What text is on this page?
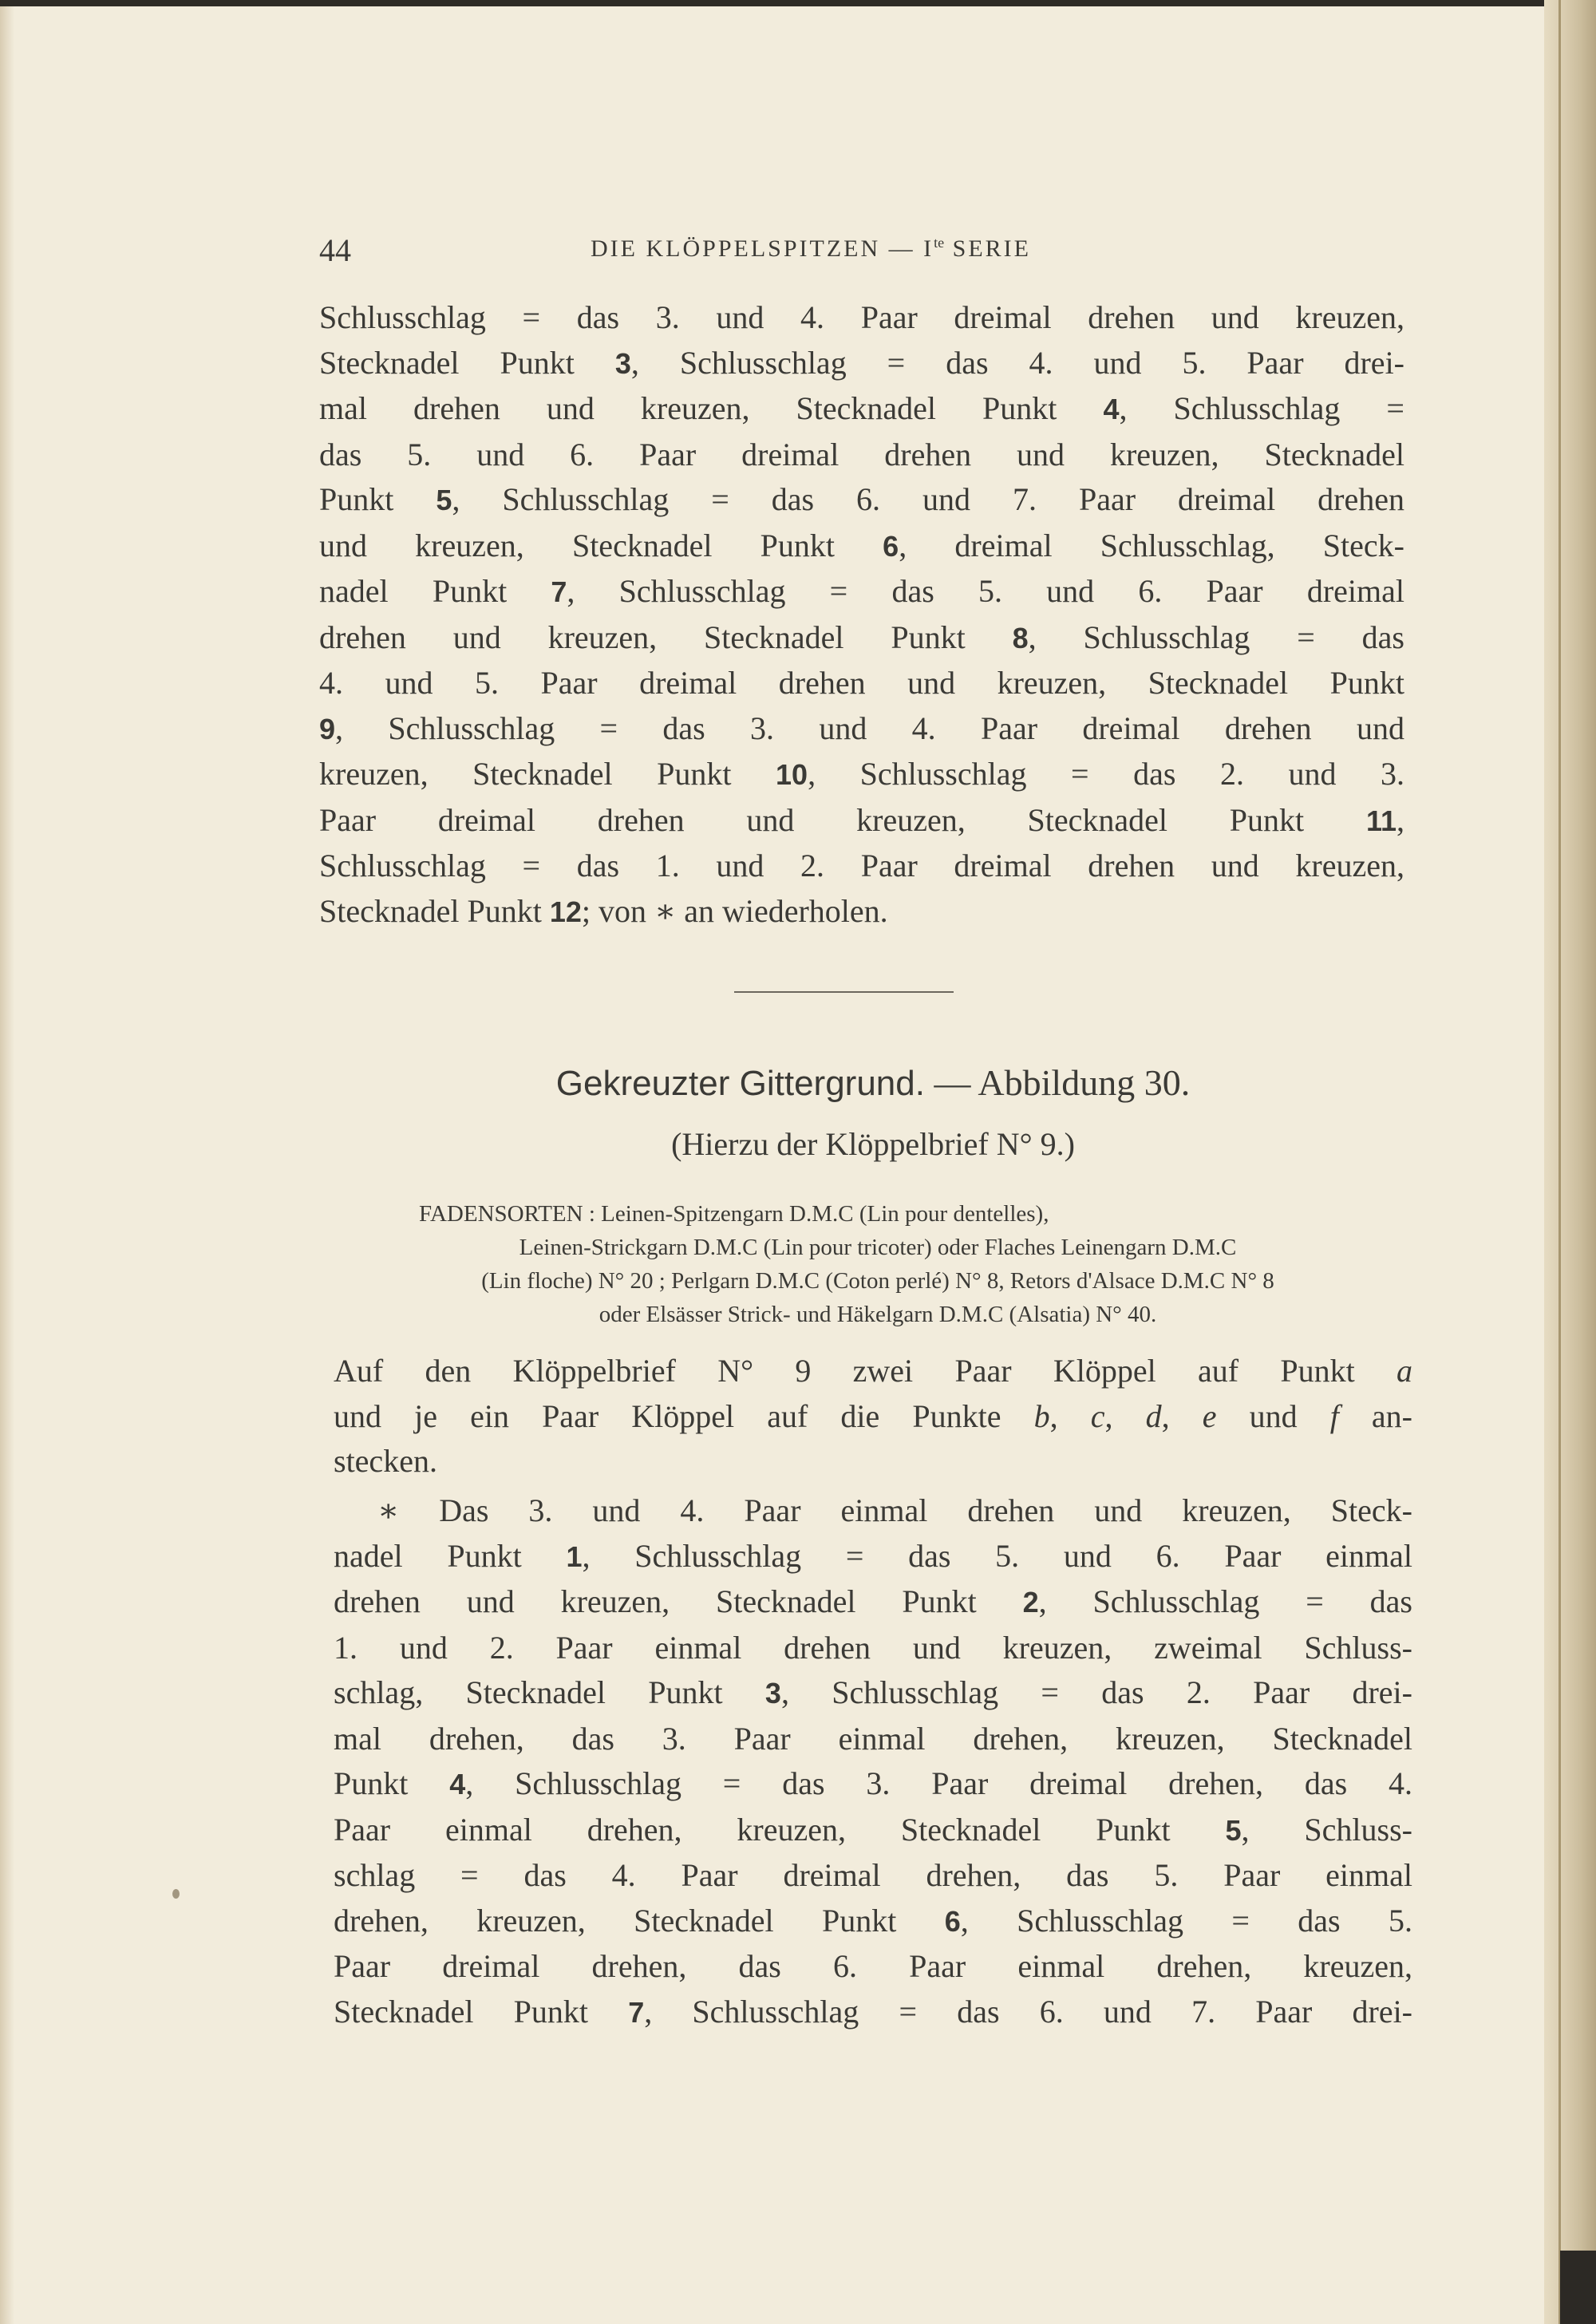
44	DIE KLÖPPELSPITZEN — $I^{te}$ SERIE
Schlusschlag = das 3. und 4. Paar dreimal drehen und kreuzen,
Stecknadel Punkt 3, Schlusschlag = das 4. und 5. Paar drei-
mal drehen und kreuzen, Stecknadel Punkt 4, Schlusschlag =
das 5. und 6. Paar dreimal drehen und kreuzen, Stecknadel
Punkt 5, Schlusschlag = das 6. und 7. Paar dreimal drehen
und kreuzen, Stecknadel Punkt 6, dreimal Schlusschlag, Steck-
nadel Punkt 7, Schlusschlag = das 5. und 6. Paar dreimal
drehen und kreuzen, Stecknadel Punkt 8, Schlusschlag = das
4. und 5. Paar dreimal drehen und kreuzen, Stecknadel Punkt
9, Schlusschlag = das 3. und 4. Paar dreimal drehen und
kreuzen, Stecknadel Punkt 10, Schlusschlag = das 2. und 3.
Paar dreimal drehen und kreuzen, Stecknadel Punkt 11,
Schlusschlag = das 1. und 2. Paar dreimal drehen und kreuzen,
Stecknadel Punkt 12; von ∗ an wiederholen.
Gekreuzter Gittergrund. — Abbildung 30.
(Hierzu der Klöppelbrief N° 9.)
FADENSORTEN : Leinen-Spitzengarn D.M.C (Lin pour dentelles),
Leinen-Strickgarn D.M.C (Lin pour tricoter) oder Flaches Leinengarn D.M.C
(Lin floche) N° 20 ; Perlgarn D.M.C (Coton perlé) N° 8, Retors d'Alsace D.M.C N° 8
oder Elsässer Strick- und Häkelgarn D.M.C (Alsatia) N° 40.
Auf den Klöppelbrief N° 9 zwei Paar Klöppel auf Punkt a
und je ein Paar Klöppel auf die Punkte b, c, d, e und f an-
stecken.
∗ Das 3. und 4. Paar einmal drehen und kreuzen, Steck-
nadel Punkt 1, Schlusschlag = das 5. und 6. Paar einmal
drehen und kreuzen, Stecknadel Punkt 2, Schlusschlag = das
1. und 2. Paar einmal drehen und kreuzen, zweimal Schluss-
schlag, Stecknadel Punkt 3, Schlusschlag = das 2. Paar drei-
mal drehen, das 3. Paar einmal drehen, kreuzen, Stecknadel
Punkt 4, Schlusschlag = das 3. Paar dreimal drehen, das 4.
Paar einmal drehen, kreuzen, Stecknadel Punkt 5, Schluss-
schlag = das 4. Paar dreimal drehen, das 5. Paar einmal
drehen, kreuzen, Stecknadel Punkt 6, Schlusschlag = das 5.
Paar dreimal drehen, das 6. Paar einmal drehen, kreuzen,
Stecknadel Punkt 7, Schlusschlag = das 6. und 7. Paar drei-
